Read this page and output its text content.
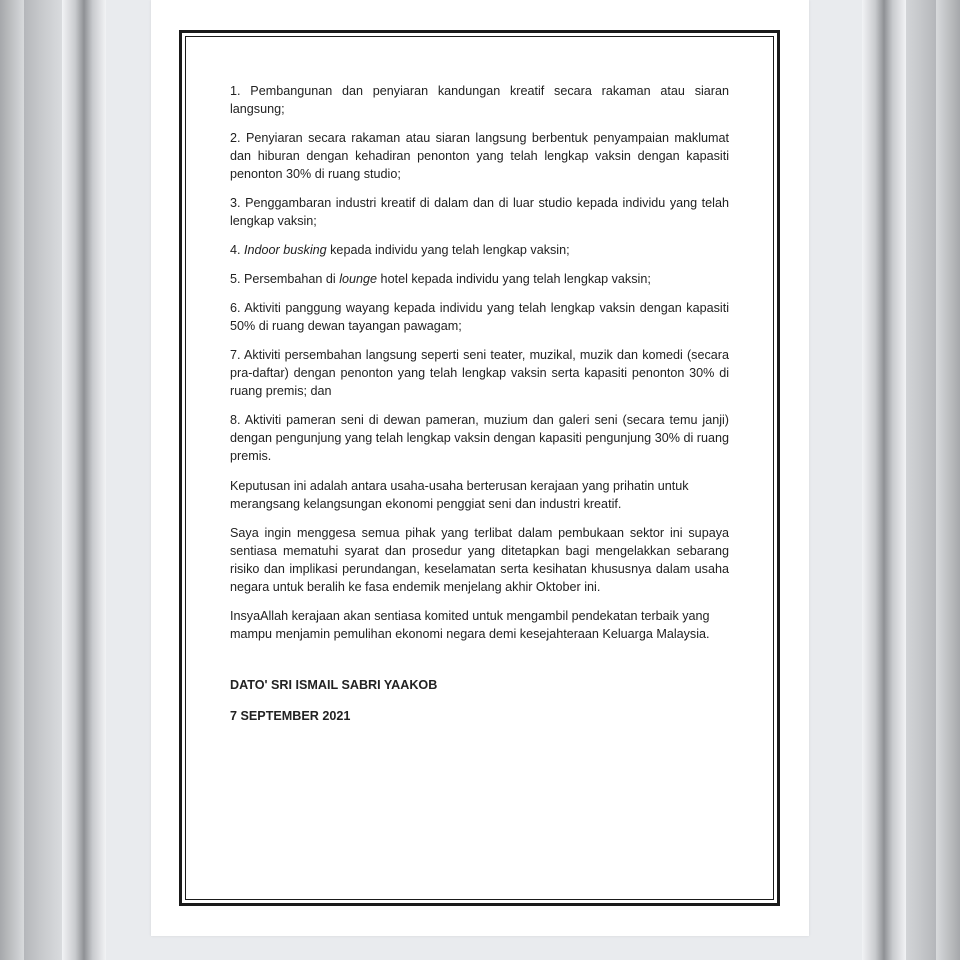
1. Pembangunan dan penyiaran kandungan kreatif secara rakaman atau siaran langsung;

2. Penyiaran secara rakaman atau siaran langsung berbentuk penyampaian maklumat dan hiburan dengan kehadiran penonton yang telah lengkap vaksin dengan kapasiti penonton 30% di ruang studio;

3. Penggambaran industri kreatif di dalam dan di luar studio kepada individu yang telah lengkap vaksin;

4. Indoor busking kepada individu yang telah lengkap vaksin;

5. Persembahan di lounge hotel kepada individu yang telah lengkap vaksin;

6. Aktiviti panggung wayang kepada individu yang telah lengkap vaksin dengan kapasiti 50% di ruang dewan tayangan pawagam;

7. Aktiviti persembahan langsung seperti seni teater, muzikal, muzik dan komedi (secara pra-daftar) dengan penonton yang telah lengkap vaksin serta kapasiti penonton 30% di ruang premis; dan

8. Aktiviti pameran seni di dewan pameran, muzium dan galeri seni (secara temu janji) dengan pengunjung yang telah lengkap vaksin dengan kapasiti pengunjung 30% di ruang premis.

Keputusan ini adalah antara usaha-usaha berterusan kerajaan yang prihatin untuk merangsang kelangsungan ekonomi penggiat seni dan industri kreatif.

Saya ingin menggesa semua pihak yang terlibat dalam pembukaan sektor ini supaya sentiasa mematuhi syarat dan prosedur yang ditetapkan bagi mengelakkan sebarang risiko dan implikasi perundangan, keselamatan serta kesihatan khususnya dalam usaha negara untuk beralih ke fasa endemik menjelang akhir Oktober ini.

InsyaAllah kerajaan akan sentiasa komited untuk mengambil pendekatan terbaik yang mampu menjamin pemulihan ekonomi negara demi kesejahteraan Keluarga Malaysia.

DATO' SRI ISMAIL SABRI YAAKOB

7 SEPTEMBER 2021
